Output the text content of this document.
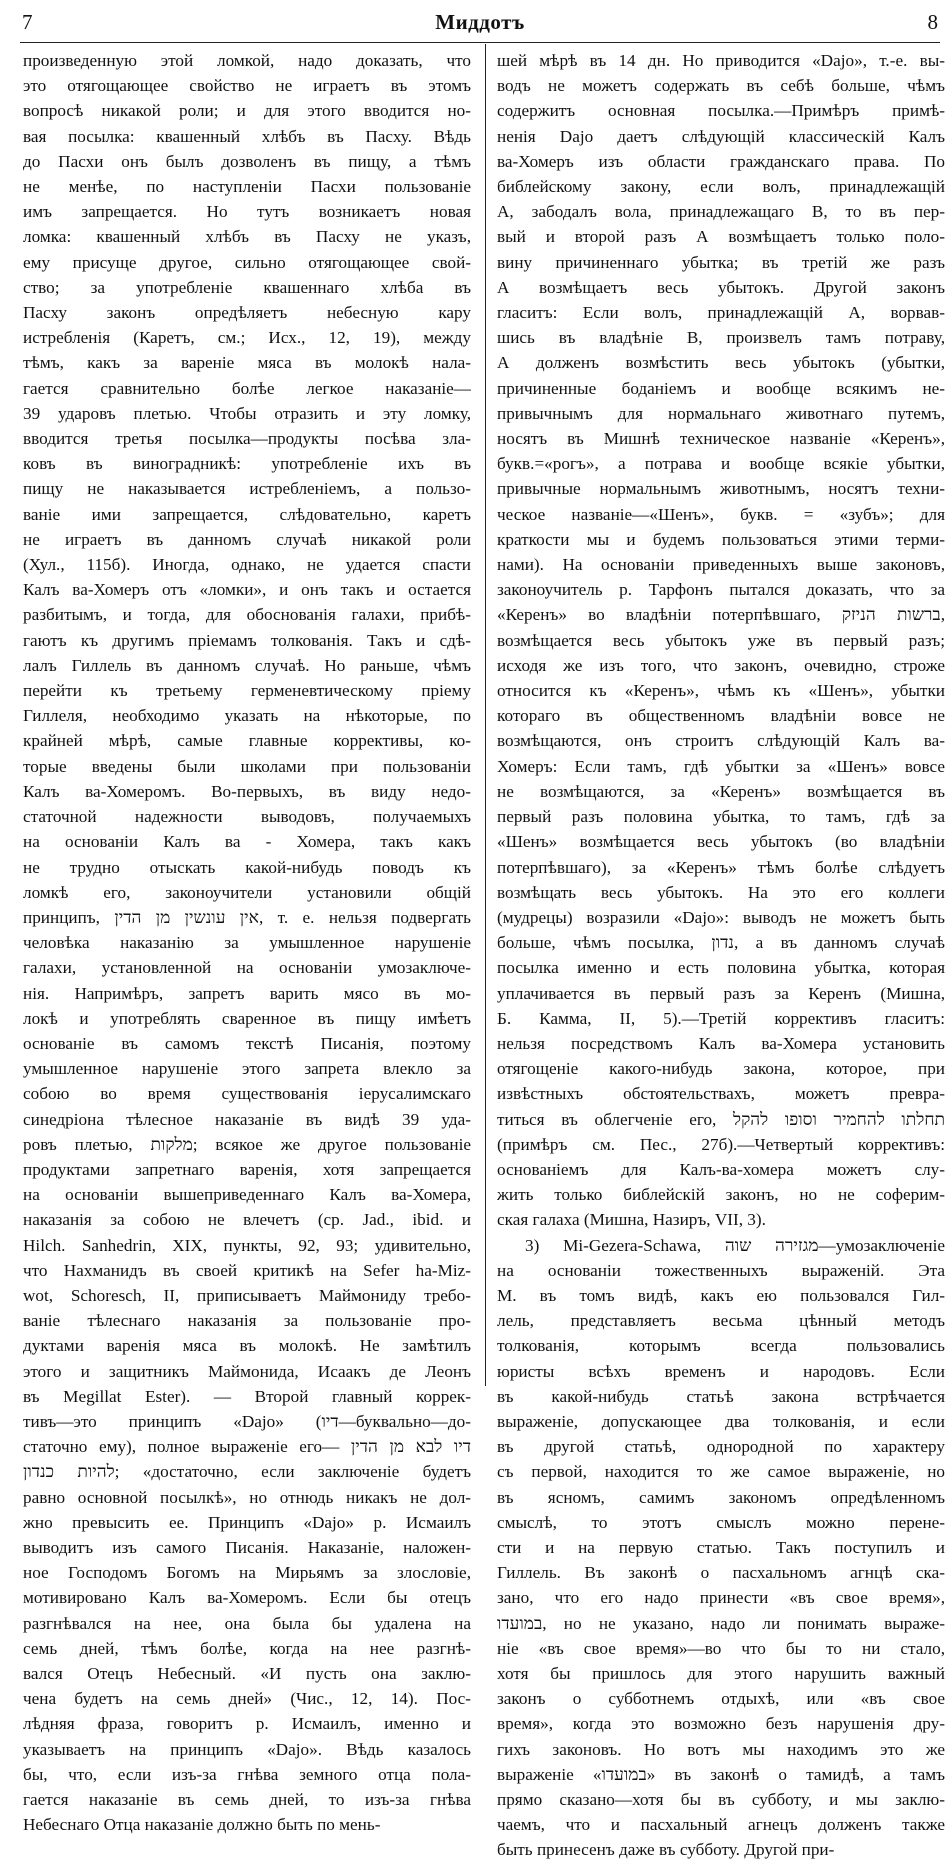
7	Миддотъ	8

произведенную этой ломкой, надо доказать, что

это отягощающее свойство не играетъ въ этомъ

вопросѣ никакой роли; и для этого вводится но-

вая посылка: квашенный хлѣбъ въ Пасху. Вѣдь

до Пасхи онъ былъ дозволенъ въ пищу, а тѣмъ

не менѣе, по наступленіи Пасхи пользованіе

имъ запрещается. Но тутъ возникаетъ новая

ломка: квашенный хлѣбъ въ Пасху не указъ,

ему присуще другое, сильно отягощающее свой-

ство; за употребленіе квашеннаго хлѣба въ

Пасху законъ опредѣляетъ небесную кару

истребленія (Каретъ, см.; Исх., 12, 19), между

тѣмъ, какъ за вареніе мяса въ молокѣ нала-

гается сравнительно болѣе легкое наказаніе—

39 ударовъ плетью. Чтобы отразить и эту ломку,

вводится третья посылка—продукты посѣва зла-

ковъ въ виноградникѣ: употребленіе ихъ въ

пищу не наказывается истребленіемъ, а пользо-

ваніе ими запрещается, слѣдовательно, каретъ

не играетъ въ данномъ случаѣ никакой роли

(Хул., 115б). Иногда, однако, не удается спасти

Калъ ва-Хомеръ отъ «ломки», и онъ такъ и остается

разбитымъ, и тогда, для обоснованія галахи, прибѣ-

гаютъ къ другимъ пріемамъ толкованія. Такъ и сдѣ-

лалъ Гиллель въ данномъ случаѣ. Но раньше, чѣмъ

перейти къ третьему герменевтическому пріему

Гиллеля, необходимо указать на нѣкоторые, по

крайней мѣрѣ, самые главные коррективы, ко-

торые введены были школами при пользованіи

Калъ ва-Хомеромъ. Во-первыхъ, въ виду недо-

статочной надежности выводовъ, получаемыхъ

на основаніи Калъ ва - Хомера, такъ какъ

не трудно отыскать какой-нибудь поводъ къ

ломкѣ его, законоучители установили общій

принципъ, אין עונשין מן הדין, т. е. нельзя подвергать

человѣка наказанію за умышленное нарушеніе

галахи, установленной на основаніи умозаключе-

нія. Напримѣръ, запретъ варить мясо въ мо-

локѣ и употреблять сваренное въ пищу имѣетъ

основаніе въ самомъ текстѣ Писанія, поэтому

умышленное нарушеніе этого запрета влекло за

собою во время существованія іерусалимскаго

синедріона тѣлесное наказаніе въ видѣ 39 уда-

ровъ плетью, מלקות; всякое же другое пользованіе

продуктами запретнаго варенія, хотя запрещается

на основаніи вышеприведеннаго Калъ ва-Хомера,

наказанія за собою не влечетъ (ср. Jad., ibid. и

Hilch. Sanhedrin, XIX, пункты, 92, 93; удивительно,

что Нахманидъ въ своей критикѣ на Sefer ha-Miz-

wot, Schoresch, II, приписываетъ Маймониду требо-

ваніе тѣлеснаго наказанія за пользованіе про-

дуктами варенія мяса въ молокѣ. Не замѣтилъ

этого и защитникъ Маймонида, Исаакъ де Леонъ

въ Megillat Ester). — Второй главный коррек-

тивъ—это принципъ «Dajo» (דיו—буквально—до-

статочно ему), полное выраженіе его— דיו לבא מן הדין

להיות כנדון; «достаточно, если заключеніе будетъ

равно основной посылкѣ», но отнюдь никакъ не дол-

жно превысить ее. Принципъ «Dajo» р. Исмаилъ

выводитъ изъ самого Писанія. Наказаніе, наложен-

ное Господомъ Богомъ на Мирьямъ за злословіе,

мотивировано Калъ ва-Хомеромъ. Если бы отецъ

разгнѣвался на нее, она была бы удалена на

семь дней, тѣмъ болѣе, когда на нее разгнѣ-

вался Отецъ Небесный. «И пусть она заклю-

чена будетъ на семь дней» (Чис., 12, 14). Пос-

лѣдняя фраза, говоритъ р. Исмаилъ, именно и

указываетъ на принципъ «Dajo». Вѣдь казалось

бы, что, если изъ-за гнѣва земного отца пола-

гается наказаніе въ семь дней, то изъ-за гнѣва

Небеснаго Отца наказаніе должно быть по мень-

шей мѣрѣ въ 14 дн. Но приводится «Dajo», т.-е. вы-

водъ не можетъ содержать въ себѣ больше, чѣмъ

содержитъ основная посылка.—Примѣръ примѣ-

ненія Dajo даетъ слѣдующій классическій Калъ

ва-Хомеръ изъ области гражданскаго права. По

библейскому закону, если волъ, принадлежащій

А, забодалъ вола, принадлежащаго В, то въ пер-

вый и второй разъ А возмѣщаетъ только поло-

вину причиненнаго убытка; въ третій же разъ

А возмѣщаетъ весь убытокъ. Другой законъ

гласитъ: Если волъ, принадлежащій А, ворвав-

шись въ владѣніе В, произвелъ тамъ потраву,

А долженъ возмѣстить весь убытокъ (убытки,

причиненные боданіемъ и вообще всякимъ не-

привычнымъ для нормальнаго животнаго путемъ,

носятъ въ Мишнѣ техническое названіе «Керенъ»,

букв.=«рогъ», а потрава и вообще всякіе убытки,

привычные нормальнымъ животнымъ, носятъ техни-

ческое названіе—«Шенъ», букв. = «зубъ»; для

краткости мы и будемъ пользоваться этими терми-

нами). На основаніи приведенныхъ выше законовъ,

законоучитель р. Тарфонъ пытался доказать, что за

«Керенъ» во владѣніи потерпѣвшаго, ברשות הניזק,

возмѣщается весь убытокъ уже въ первый разъ;

исходя же изъ того, что законъ, очевидно, строже

относится къ «Керенъ», чѣмъ къ «Шенъ», убытки

котораго въ общественномъ владѣніи вовсе не

возмѣщаются, онъ строитъ слѣдующій Калъ ва-

Хомеръ: Если тамъ, гдѣ убытки за «Шенъ» вовсе

не возмѣщаются, за «Керенъ» возмѣщается въ

первый разъ половина убытка, то тамъ, гдѣ за

«Шенъ» возмѣщается весь убытокъ (во владѣніи

потерпѣвшаго), за «Керенъ» тѣмъ болѣе слѣдуетъ

возмѣщать весь убытокъ. На это его коллеги

(мудрецы) возразили «Dajo»: выводъ не можетъ быть

больше, чѣмъ посылка, נדון, а въ данномъ случаѣ

посылка именно и есть половина убытка, которая

уплачивается въ первый разъ за Керенъ (Мишна,

Б. Камма, II, 5).—Третій коррективъ гласитъ:

нельзя посредствомъ Калъ ва-Хомера установить

отягощеніе какого-нибудь закона, которое, при

извѣстныхъ обстоятельствахъ, можетъ превра-

титься въ облегченіе его, תחלתו להחמיר וסופו להקל

(примѣръ см. Пес., 27б).—Четвертый коррективъ:

основаніемъ для Калъ-ва-хомера можетъ слу-

жить только библейскій законъ, но не соферим-

ская галаха (Мишна, Назиръ, VII, 3).

3) Mi-Gezera-Schawa, מגזירה שוה—умозаключеніе

на основаніи тожественныхъ выраженій. Эта

М. въ томъ видѣ, какъ ею пользовался Гил-

лель, представляетъ весьма цѣнный методъ

толкованія, которымъ всегда пользовались

юристы всѣхъ временъ и народовъ. Если

въ какой-нибудь статьѣ закона встрѣчается

выраженіе, допускающее два толкованія, и если

въ другой статьѣ, однородной по характеру

съ первой, находится то же самое выраженіе, но

въ ясномъ, самимъ закономъ опредѣленномъ

смыслѣ, то этотъ смыслъ можно перене-

сти и на первую статью. Такъ поступилъ и

Гиллель. Въ законѣ о пасхальномъ агнцѣ ска-

зано, что его надо принести «въ свое время»,

במועדו, но не указано, надо ли понимать выраже-

ніе «въ свое время»—во что бы то ни стало,

хотя бы пришлось для этого нарушить важный

законъ о субботнемъ отдыхѣ, или «въ свое

время», когда это возможно безъ нарушенія дру-

гихъ законовъ. Но вотъ мы находимъ это же

выраженіе «במועדו» въ законѣ о тамидѣ, а тамъ

прямо сказано—хотя бы въ субботу, и мы заклю-

чаемъ, что и пасхальный агнецъ долженъ также

быть принесенъ даже въ субботу. Другой при-
